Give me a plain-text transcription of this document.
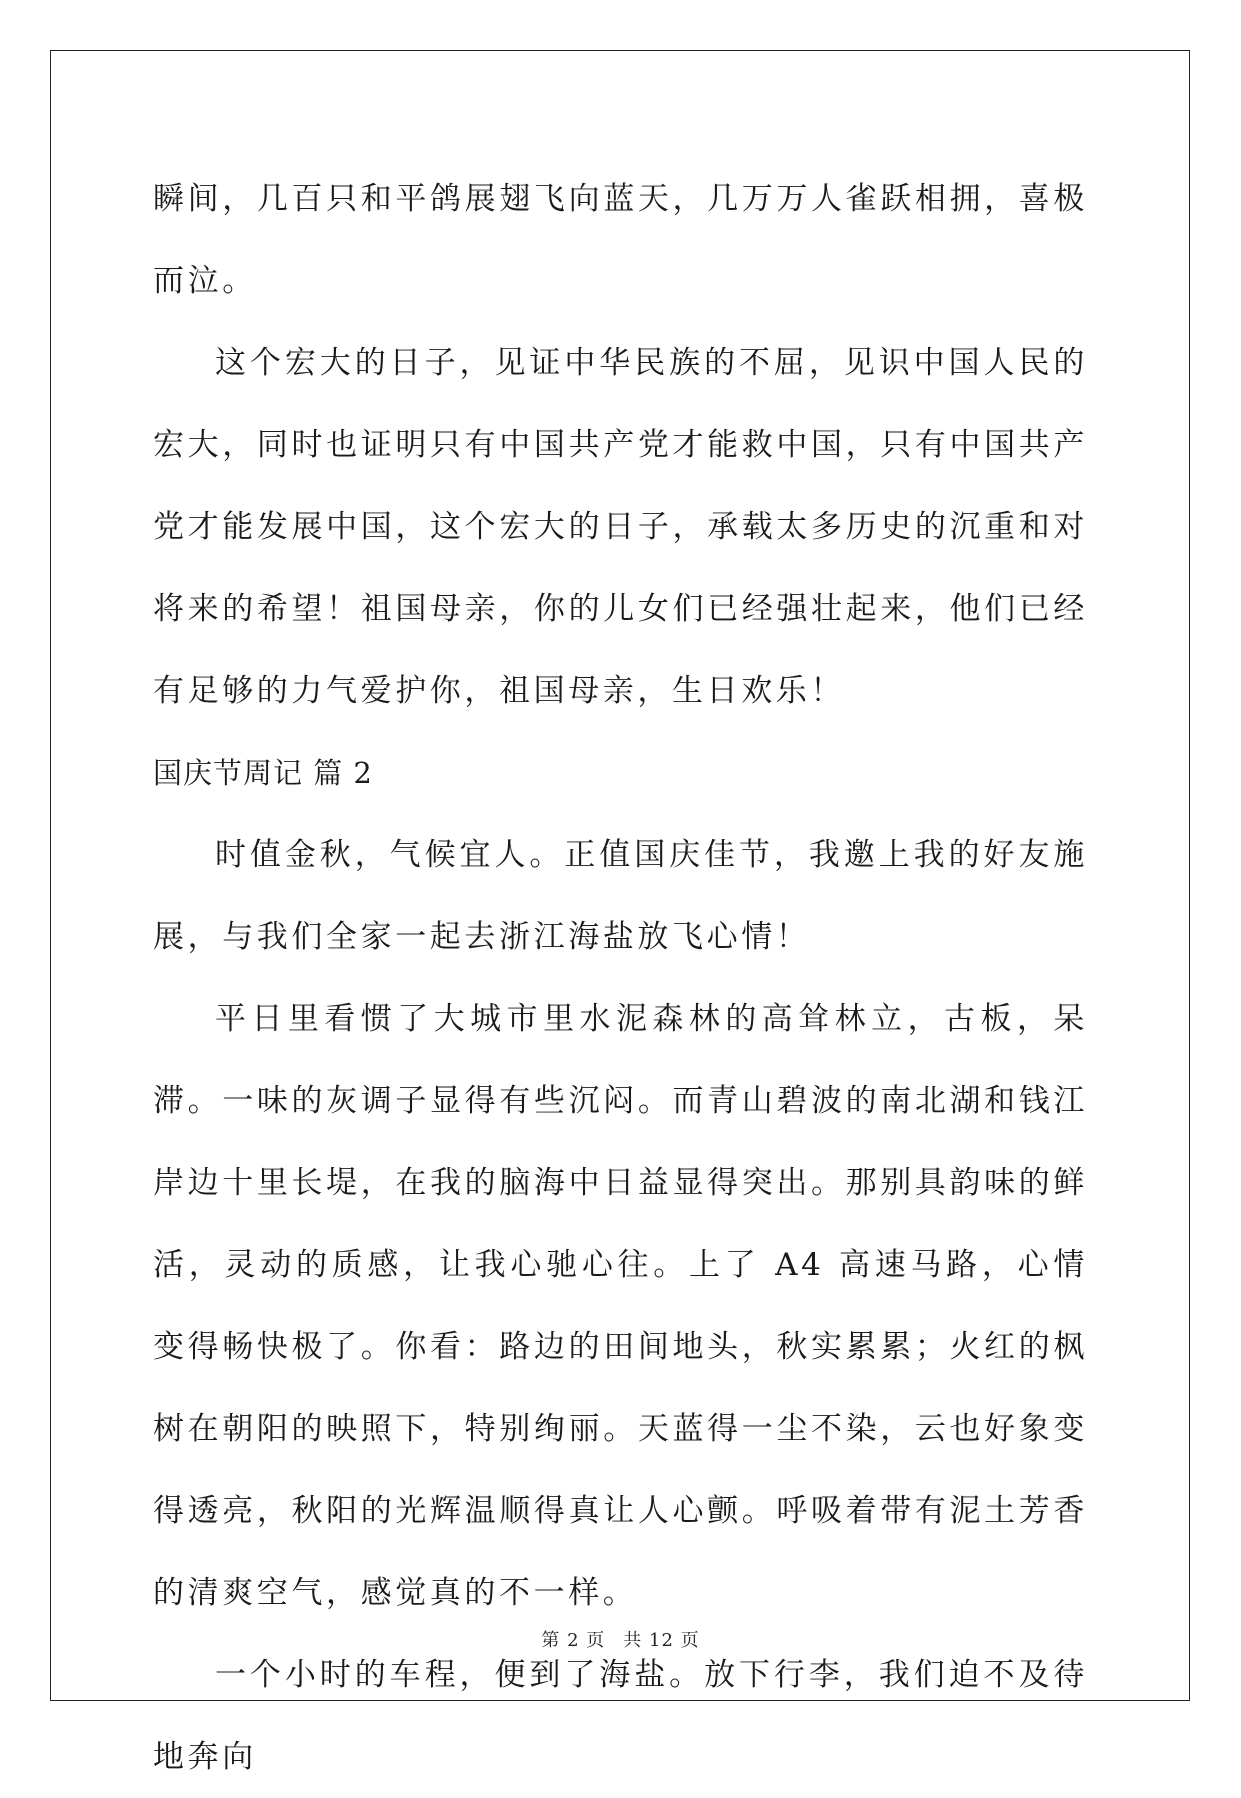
瞬间，几百只和平鸽展翅飞向蓝天，几万万人雀跃相拥，喜极而泣。

这个宏大的日子，见证中华民族的不屈，见识中国人民的宏大，同时也证明只有中国共产党才能救中国，只有中国共产党才能发展中国，这个宏大的日子，承载太多历史的沉重和对将来的希望！祖国母亲，你的儿女们已经强壮起来，他们已经有足够的力气爱护你，祖国母亲，生日欢乐！

国庆节周记 篇 2

时值金秋，气候宜人。正值国庆佳节，我邀上我的好友施展，与我们全家一起去浙江海盐放飞心情！

平日里看惯了大城市里水泥森林的高耸林立，古板，呆滞。一味的灰调子显得有些沉闷。而青山碧波的南北湖和钱江岸边十里长堤，在我的脑海中日益显得突出。那别具韵味的鲜活，灵动的质感，让我心驰心往。上了 A4 高速马路，心情变得畅快极了。你看：路边的田间地头，秋实累累；火红的枫树在朝阳的映照下，特别绚丽。天蓝得一尘不染，云也好象变得透亮，秋阳的光辉温顺得真让人心颤。呼吸着带有泥土芳香的清爽空气，感觉真的不一样。

一个小时的车程，便到了海盐。放下行李，我们迫不及待地奔向

第 2 页 共 12 页
